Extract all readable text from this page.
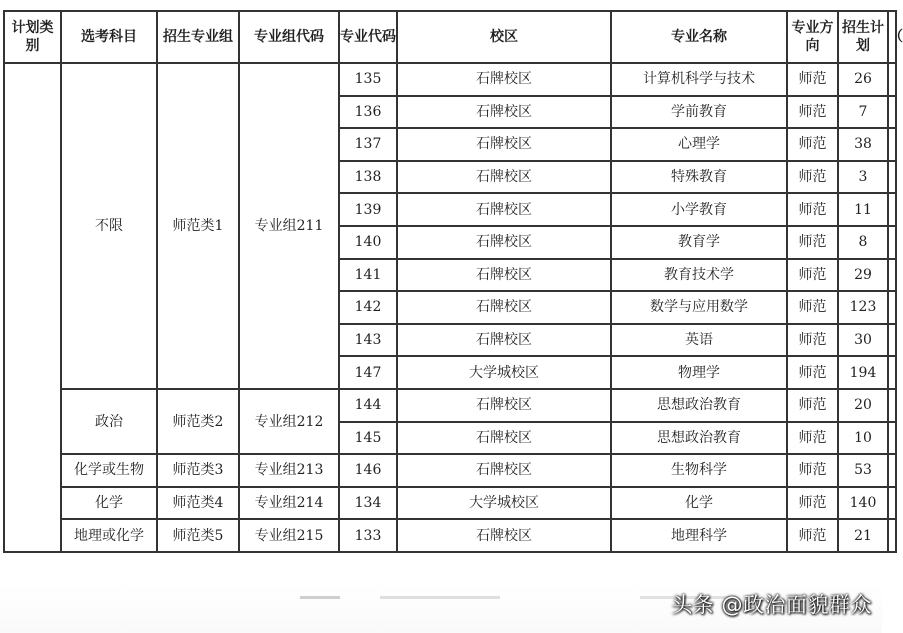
计划类别	选考科目	招生专业组	专业组代码	专业代码	校区	专业名称	专业方向	招生计划	（
	不限	师范类1	专业组211	135	石牌校区	计算机科学与技术	师范	26	
				136	石牌校区	学前教育	师范	7	
				137	石牌校区	心理学	师范	38	
				138	石牌校区	特殊教育	师范	3	
				139	石牌校区	小学教育	师范	11	
				140	石牌校区	教育学	师范	8	
				141	石牌校区	教育技术学	师范	29	
				142	石牌校区	数学与应用数学	师范	123	
				143	石牌校区	英语	师范	30	
				147	大学城校区	物理学	师范	194	
	政治	师范类2	专业组212	144	石牌校区	思想政治教育	师范	20	
				145	石牌校区	思想政治教育	师范	10	
	化学或生物	师范类3	专业组213	146	石牌校区	生物科学	师范	53	
	化学	师范类4	专业组214	134	大学城校区	化学	师范	140	
	地理或化学	师范类5	专业组215	133	石牌校区	地理科学	师范	21	
头条 @政治面貌群众
